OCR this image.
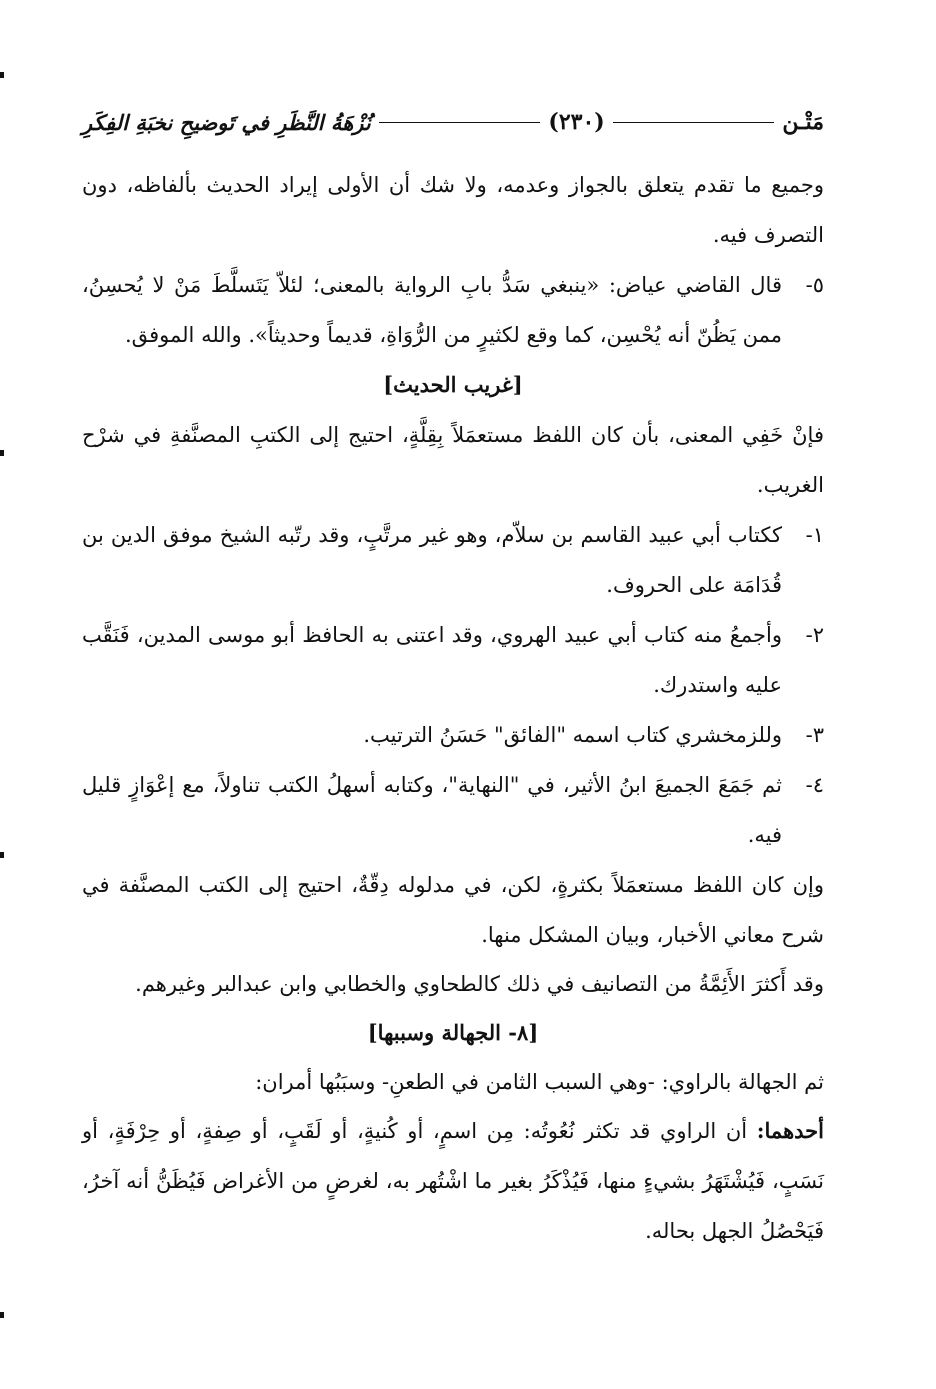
مَتْـن
(٢٣٠)
نُزْهَةُ النَّظَرِ في تَوضيحِ نخبَةِ الفِكَرِ

وجميع ما تقدم يتعلق بالجواز وعدمه، ولا شك أن الأولى إيراد الحديث بألفاظه، دون التصرف فيه.

٥-
قال القاضي عياض: «ينبغي سَدُّ بابِ الرواية بالمعنى؛ لئلاّ يَتَسلَّطَ مَنْ لا يُحسِنُ، ممن يَظُنّ أنه يُحْسِن، كما وقع لكثيرٍ من الرُّوَاةِ، قديماً وحديثاً». والله الموفق.

[غريب الحديث]

فإنْ خَفِي المعنى، بأن كان اللفظ مستعمَلاً بِقِلَّةٍ، احتيج إلى الكتبِ المصنَّفةِ في شرْح الغريب.

١-
ككتاب أبي عبيد القاسم بن سلاّم، وهو غير مرتَّبٍ، وقد رتّبه الشيخ موفق الدين بن قُدَامَة على الحروف.
٢-
وأجمعُ منه كتاب أبي عبيد الهروي، وقد اعتنى به الحافظ أبو موسى المدين، فَنَقَّب عليه واستدرك.
٣-
وللزمخشري كتاب اسمه "الفائق" حَسَنُ الترتيب.
٤-
ثم جَمَعَ الجميعَ ابنُ الأثير، في "النهاية"، وكتابه أسهلُ الكتب تناولاً، مع إعْوَازٍ قليل فيه.

وإن كان اللفظ مستعمَلاً بكثرةٍ، لكن، في مدلوله دِقّةٌ، احتيج إلى الكتب المصنَّفة في شرح معاني الأخبار، وبيان المشكل منها.

وقد أَكثرَ الأَئِمَّةُ من التصانيف في ذلك كالطحاوي والخطابي وابن عبدالبر وغيرهم.

[٨- الجهالة وسببها]

ثم الجهالة بالراوي: -وهي السبب الثامن في الطعنِ- وسبَبُها أمران:

أحدهما: أن الراوي قد تكثر نُعُوتُه: مِن اسمٍ، أو كُنيةٍ، أو لَقَبٍ، أو صِفةٍ، أو حِرْفَةٍ، أو نَسَبٍ، فَيُشْتَهَرُ بشيءٍ منها، فَيُذْكَرُ بغير ما اشْتُهر به، لغرضٍ من الأغراض فَيُظَنُّ أنه آخرُ، فَيَحْصُلُ الجهل بحاله.
